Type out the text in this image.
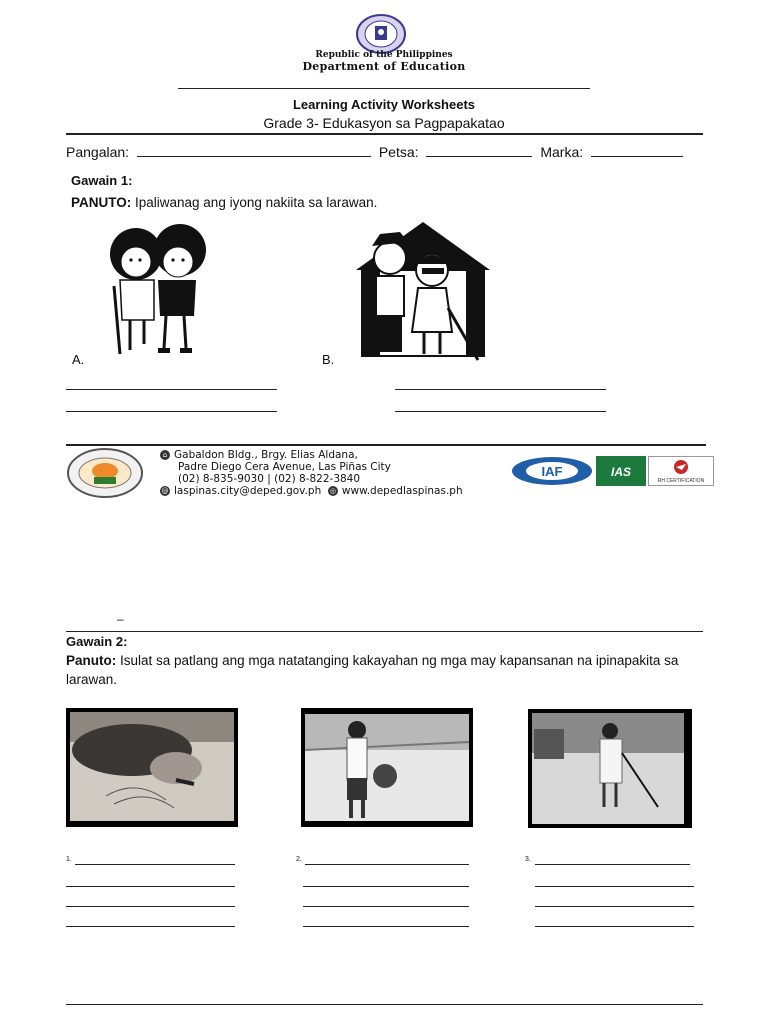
Republic of the Philippines
Department of Education
Learning Activity Worksheets
Grade 3- Edukasyon sa Pagpapakatao
Pangalan:	Petsa:	Marka:
Gawain 1:
PANUTO: Ipaliwanag ang iyong nakiita sa larawan.
A.	B.
⌂ Gabaldon Bldg., Brgy. Elias Aldana,
Padre Diego Cera Avenue, Las Piñas City
(02) 8-835-9030 | (02) 8-822-3840
@ laspinas.city@deped.gov.ph ◎ www.depedlaspinas.ph
IAF	IAS
RH CERTIFICATION
–
Gawain 2:
Panuto: Isulat sa patlang ang mga natatanging kakayahan ng mga may kapansanan na ipinapakita sa larawan.
1.	2.	3.
